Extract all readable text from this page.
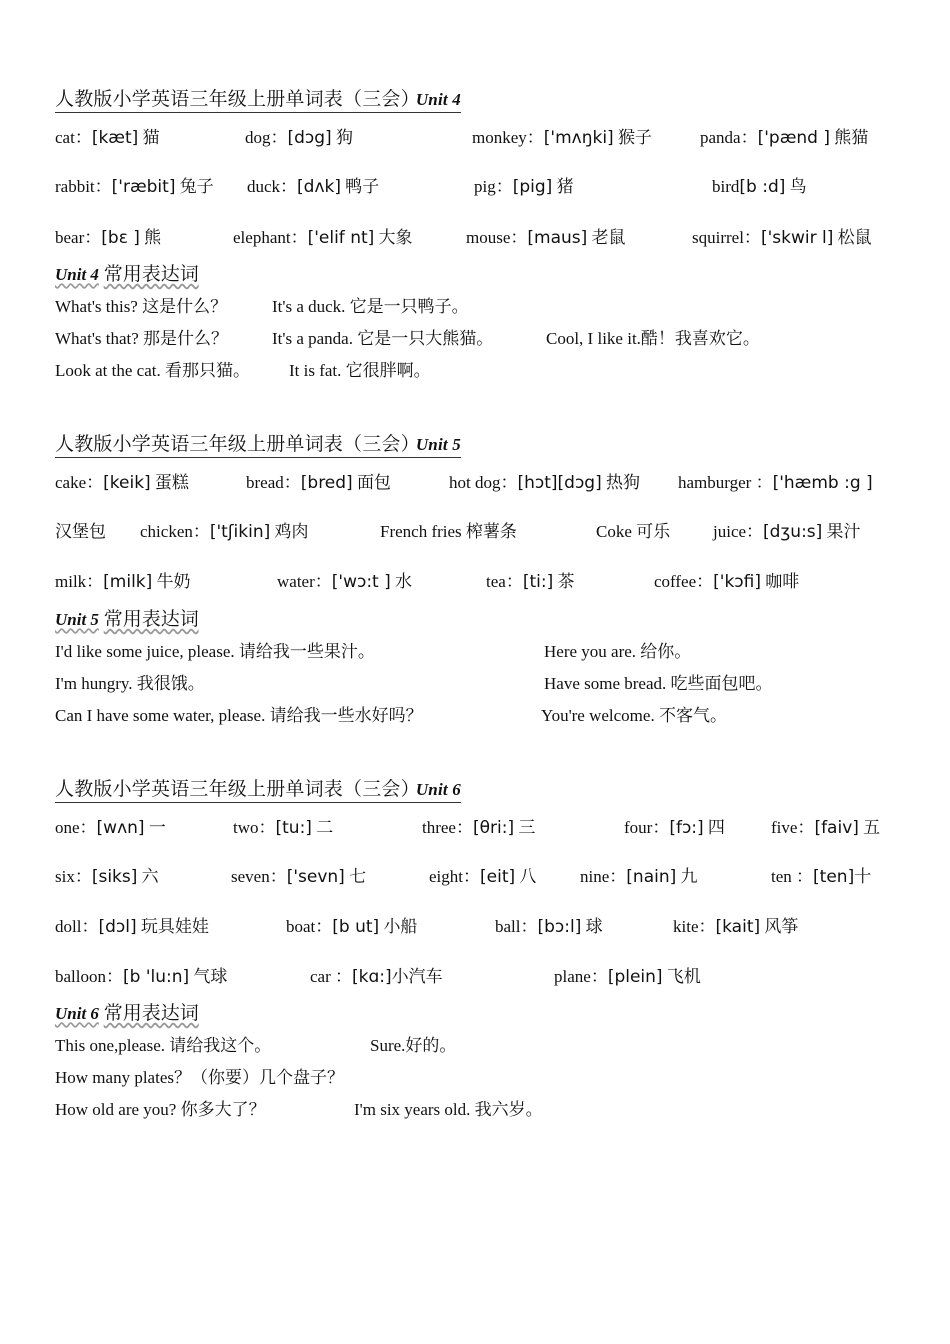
人教版小学英语三年级上册单词表（三会）Unit 4
cat：[kæt] 猫	dog：[dɔg] 狗	monkey：['mʌŋki] 猴子	panda：['pænd ] 熊猫
rabbit：['ræbit] 兔子 duck：[dʌk] 鸭子	pig：[pig] 猪	bird[b :d] 鸟
bear：[bɛ ] 熊	elephant：['elif nt] 大象	mouse：[maus] 老鼠	squirrel：['skwir l] 松鼠
Unit 4 常用表达词
What's this? 这是什么？	It's a duck. 它是一只鸭子。
What's that? 那是什么？	It's a panda. 它是一只大熊猫。	Cool, I like it.酷！我喜欢它。
Look at the cat. 看那只猫。 It is fat. 它很胖啊。
人教版小学英语三年级上册单词表（三会）Unit 5
cake：[keik] 蛋糕	bread：[bred] 面包	hot dog：[hɔt][dɔg] 热狗 hamburger ：['hæmb :g ]
汉堡包 chicken：['tʃikin] 鸡肉	French fries 榨薯条	Coke 可乐	juice：[dʒu:s] 果汁
milk：[milk] 牛奶	water：['wɔ:t ] 水	tea：[ti:] 茶	coffee：['kɔfi] 咖啡
Unit 5 常用表达词
I'd like some juice, please. 请给我一些果汁。	Here you are. 给你。
I'm hungry. 我很饿。	Have some bread. 吃些面包吧。
Can I have some water, please. 请给我一些水好吗？	You're welcome. 不客气。
人教版小学英语三年级上册单词表（三会）Unit 6
one：[wʌn] 一	two：[tu:] 二	three：[θri:] 三	four：[fɔ:] 四	five：[faiv] 五
six：[siks] 六	seven：['sevn] 七	eight：[eit] 八	nine：[nain] 九	ten ：[ten]十
doll：[dɔl] 玩具娃娃	boat：[b ut] 小船	ball：[bɔ:l] 球	kite：[kait] 风筝
balloon：[b 'lu:n] 气球	car ：[kɑ:]小汽车	plane：[plein] 飞机
Unit 6 常用表达词
This one,please. 请给我这个。	Sure.好的。
How many plates？（你要）几个盘子？
How old are you? 你多大了？	I'm six years old. 我六岁。
